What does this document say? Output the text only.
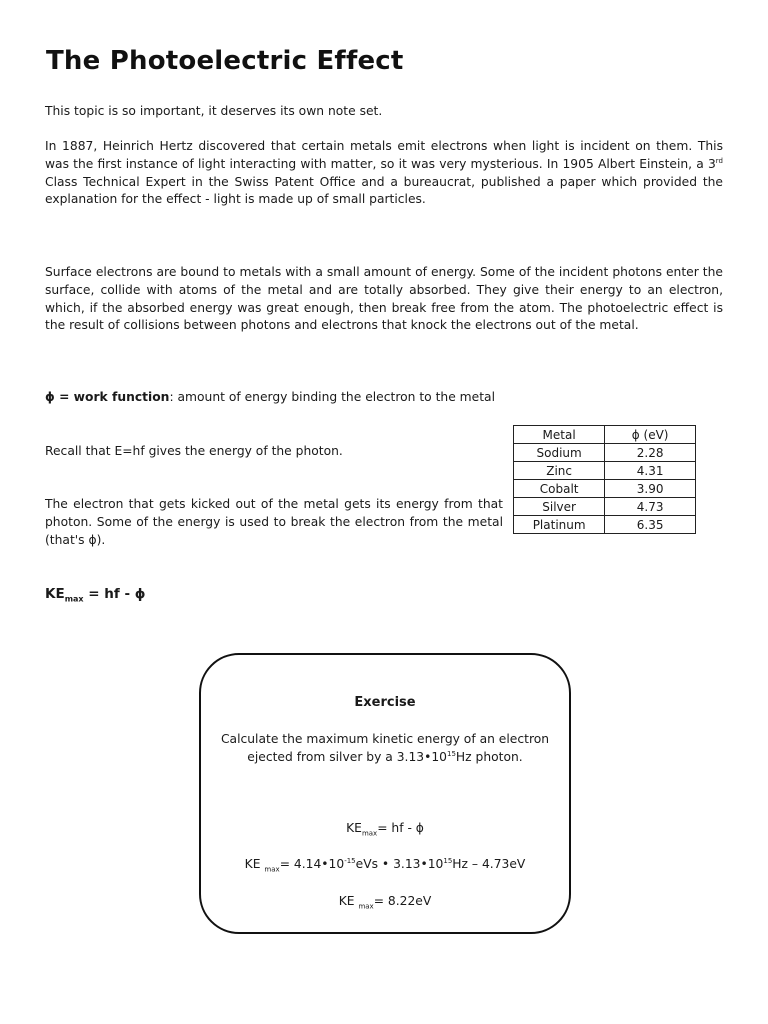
The Photoelectric Effect

This topic is so important, it deserves its own note set.

In 1887, Heinrich Hertz discovered that certain metals emit electrons when light is incident on them. This was the first instance of light interacting with matter, so it was very mysterious. In 1905 Albert Einstein, a 3rd Class Technical Expert in the Swiss Patent Office and a bureaucrat, published a paper which provided the explanation for the effect - light is made up of small particles.

Surface electrons are bound to metals with a small amount of energy. Some of the incident photons enter the surface, collide with atoms of the metal and are totally absorbed. They give their energy to an electron, which, if the absorbed energy was great enough, then break free from the atom. The photoelectric effect is the result of collisions between photons and electrons that knock the electrons out of the metal.

ϕ = work function: amount of energy binding the electron to the metal
Recall that E=hf gives the energy of the photon.

The electron that gets kicked out of the metal gets its energy from that photon. Some of the energy is used to break the electron from the metal (that's ϕ).

$KE_{max}$ = hf - ϕ
Metal	ϕ (eV)
Sodium	2.28
Zinc	4.31
Cobalt	3.90
Silver	4.73
Platinum	6.35
Exercise
Calculate the maximum kinetic energy of an electron
ejected from silver by a $3.13•10^{15}Hz$ photon.
$KE_{max}=$ hf - ϕ
KE $_{max}= 4.14•10^{-15}eVs$ • $3.13•10^{15}Hz - 4.73eV$
KE $_{max}$= 8.22eV
